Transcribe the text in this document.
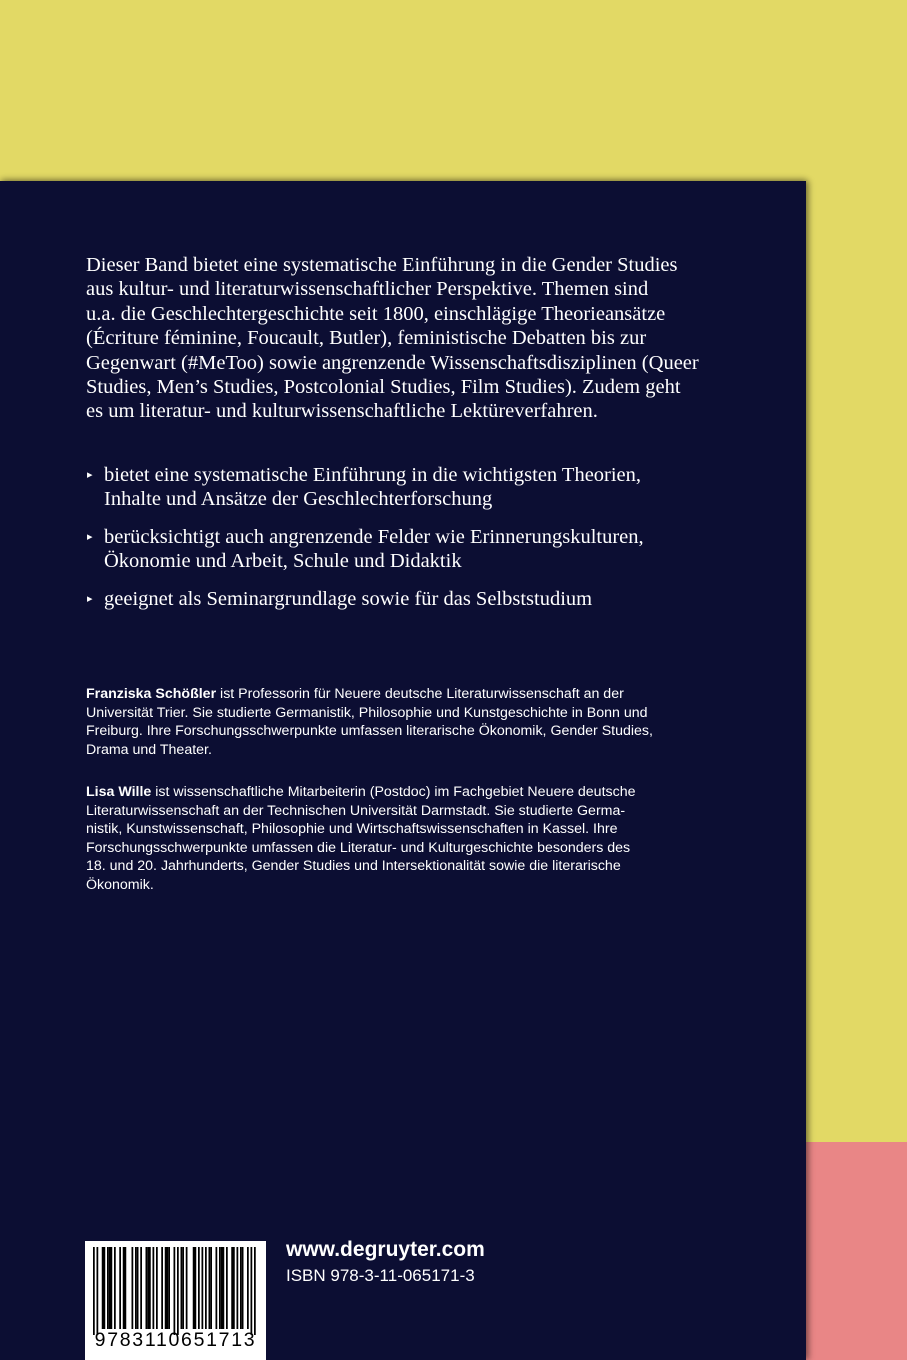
Dieser Band bietet eine systematische Einführung in die Gender Studies
aus kultur- und literaturwissenschaftlicher Perspektive. Themen sind
u.a. die Geschlechtergeschichte seit 1800, einschlägige Theorieansätze
(Écriture féminine, Foucault, Butler), feministische Debatten bis zur
Gegenwart (#MeToo) sowie angrenzende Wissenschaftsdisziplinen (Queer
Studies, Men’s Studies, Postcolonial Studies, Film Studies). Zudem geht
es um literatur- und kulturwissenschaftliche Lektüreverfahren.

▸ bietet eine systematische Einführung in die wichtigsten Theorien,
Inhalte und Ansätze der Geschlechterforschung
▸ berücksichtigt auch angrenzende Felder wie Erinnerungskulturen,
Ökonomie und Arbeit, Schule und Didaktik
▸ geeignet als Seminargrundlage sowie für das Selbststudium

Franziska Schößler ist Professorin für Neuere deutsche Literaturwissenschaft an der
Universität Trier. Sie studierte Germanistik, Philosophie und Kunstgeschichte in Bonn und
Freiburg. Ihre Forschungsschwerpunkte umfassen literarische Ökonomik, Gender Studies,
Drama und Theater.

Lisa Wille ist wissenschaftliche Mitarbeiterin (Postdoc) im Fachgebiet Neuere deutsche
Literaturwissenschaft an der Technischen Universität Darmstadt. Sie studierte Germa-
nistik, Kunstwissenschaft, Philosophie und Wirtschaftswissenschaften in Kassel. Ihre
Forschungsschwerpunkte umfassen die Literatur- und Kulturgeschichte besonders des
18. und 20. Jahrhunderts, Gender Studies und Intersektionalität sowie die literarische
Ökonomik.

9783110651713
www.degruyter.com
ISBN 978-3-11-065171-3
